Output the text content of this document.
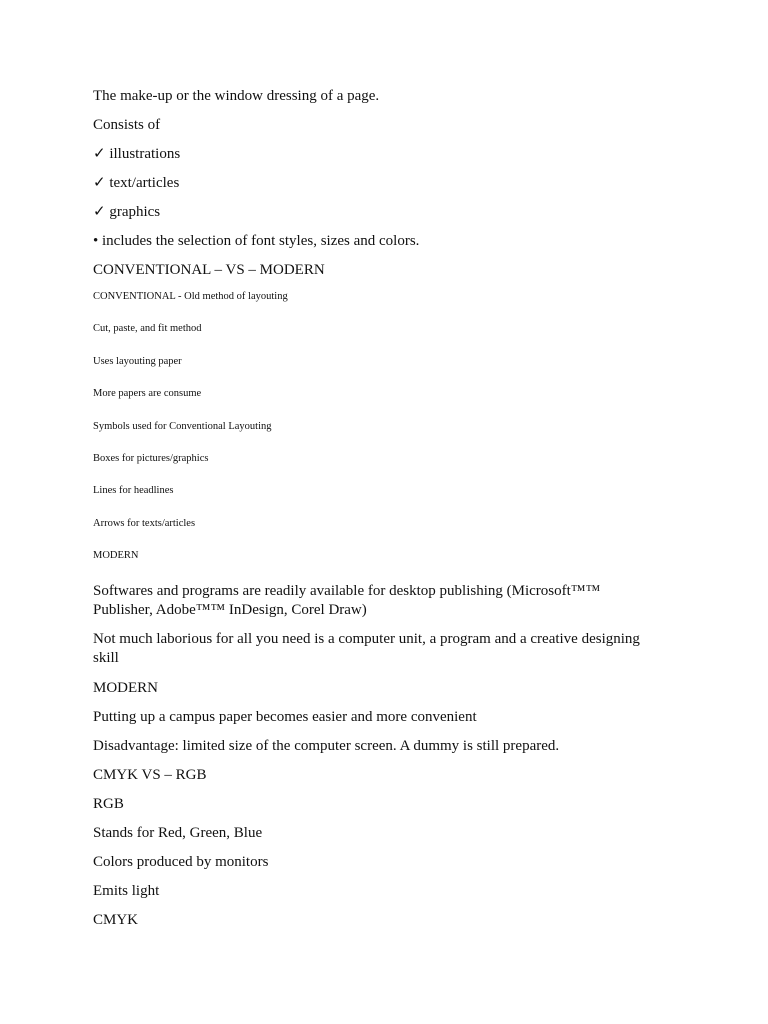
The make-up or the window dressing of a page.
Consists of
✓ illustrations
✓ text/articles
✓ graphics
• includes the selection of font styles, sizes and colors.
CONVENTIONAL – VS – MODERN
CONVENTIONAL - Old method of layouting
Cut, paste, and fit method
Uses layouting paper
More papers are consume
Symbols used for Conventional Layouting
Boxes for pictures/graphics
Lines for headlines
Arrows for texts/articles
MODERN
Softwares and programs are readily available for desktop publishing (Microsoft™™
Publisher, Adobe™™ InDesign, Corel Draw)
Not much laborious for all you need is a computer unit, a program and a creative designing
skill
MODERN
Putting up a campus paper becomes easier and more convenient
Disadvantage: limited size of the computer screen. A dummy is still prepared.
CMYK VS – RGB
RGB
Stands for Red, Green, Blue
Colors produced by monitors
Emits light
CMYK
